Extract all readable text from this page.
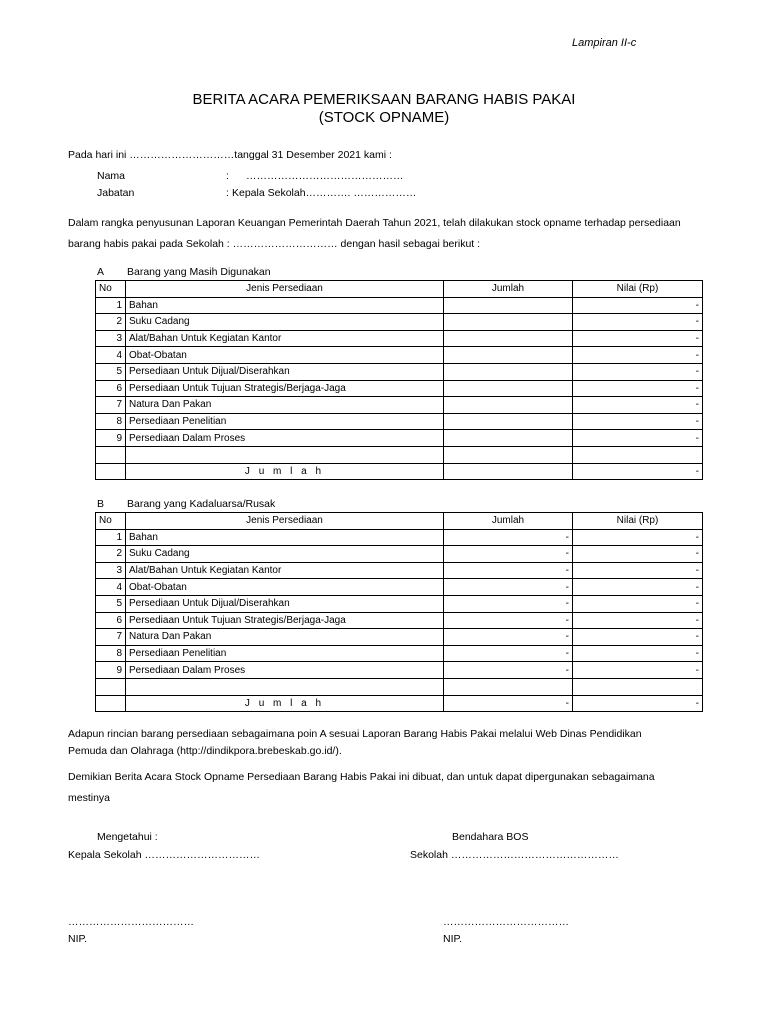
Lampiran II-c
BERITA ACARA PEMERIKSAAN BARANG HABIS PAKAI
(STOCK OPNAME)
Pada hari ini …………………………tanggal 31 Desember 2021 kami :
Nama	: ………………………………………
Jabatan	: Kepala Sekolah…………. ………………
Dalam rangka penyusunan Laporan Keuangan Pemerintah Daerah Tahun 2021, telah dilakukan stock opname terhadap persediaan
barang habis pakai pada Sekolah : ………………………… dengan hasil sebagai berikut :
A Barang yang Masih Digunakan
No	Jenis Persediaan	Jumlah	Nilai (Rp)
1	Bahan		-
2	Suku Cadang		-
3	Alat/Bahan Untuk Kegiatan Kantor		-
4	Obat-Obatan		-
5	Persediaan Untuk Dijual/Diserahkan		-
6	Persediaan Untuk Tujuan Strategis/Berjaga-Jaga		-
7	Natura Dan Pakan		-
8	Persediaan Penelitian		-
9	Persediaan Dalam Proses		-

	J u m l a h		-
B Barang yang Kadaluarsa/Rusak
No	Jenis Persediaan	Jumlah	Nilai (Rp)
1	Bahan	-	-
2	Suku Cadang	-	-
3	Alat/Bahan Untuk Kegiatan Kantor	-	-
4	Obat-Obatan	-	-
5	Persediaan Untuk Dijual/Diserahkan	-	-
6	Persediaan Untuk Tujuan Strategis/Berjaga-Jaga	-	-
7	Natura Dan Pakan	-	-
8	Persediaan Penelitian	-	-
9	Persediaan Dalam Proses	-	-

	J u m l a h	-	-
Adapun rincian barang persediaan sebagaimana poin A sesuai Laporan Barang Habis Pakai melalui Web Dinas Pendidikan
Pemuda dan Olahraga (http://dindikpora.brebeskab.go.id/).
Demikian Berita Acara Stock Opname Persediaan Barang Habis Pakai ini dibuat, dan untuk dapat dipergunakan sebagaimana
mestinya
Mengetahui :
Kepala Sekolah ……………………………
Bendahara BOS
Sekolah …………………………………………
………………………………
NIP.
………………………………
NIP.
